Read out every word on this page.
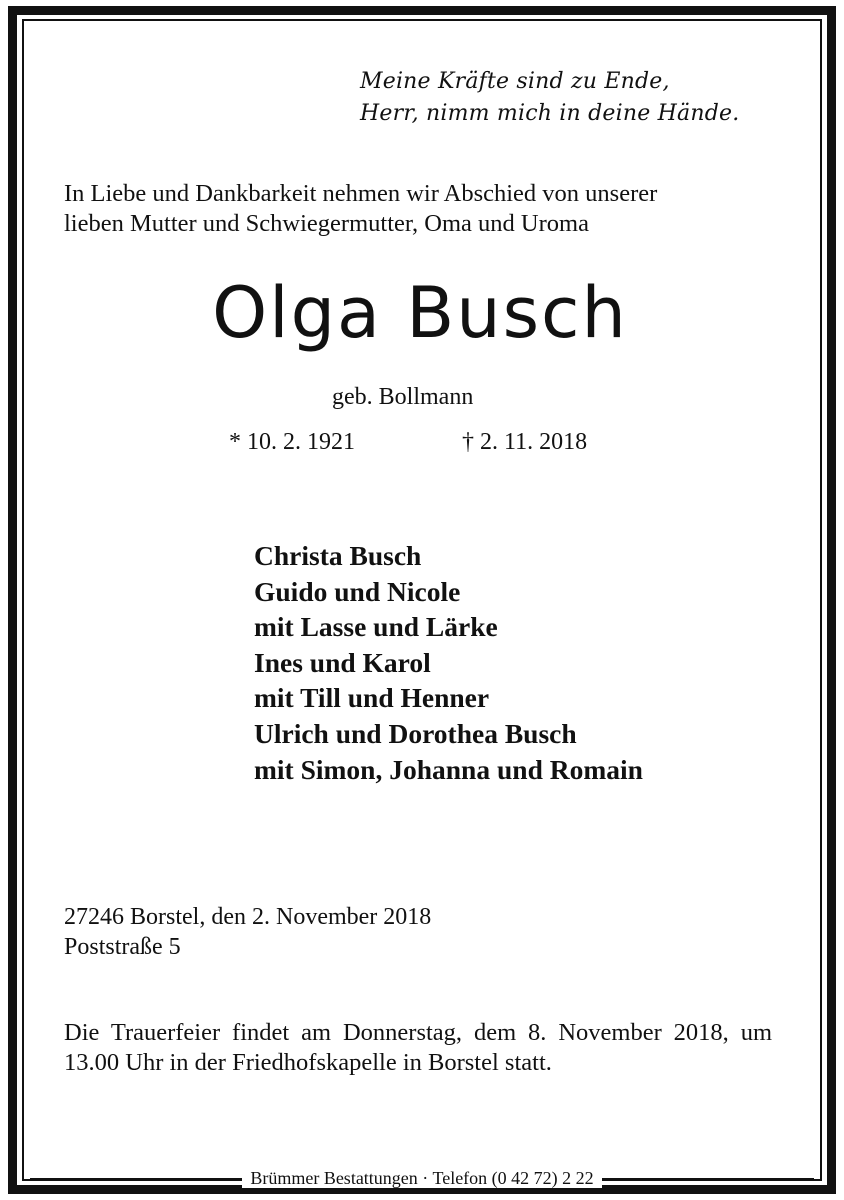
Meine Kräfte sind zu Ende,
Herr, nimm mich in deine Hände.
In Liebe und Dankbarkeit nehmen wir Abschied von unserer
lieben Mutter und Schwiegermutter, Oma und Uroma
Olga Busch
geb. Bollmann
* 10. 2. 1921	† 2. 11. 2018
Christa Busch
Guido und Nicole
mit Lasse und Lärke
Ines und Karol
mit Till und Henner
Ulrich und Dorothea Busch
mit Simon, Johanna und Romain
27246 Borstel, den 2. November 2018
Poststraße 5
Die Trauerfeier findet am Donnerstag, dem 8. November 2018, um 13.00 Uhr in der Friedhofskapelle in Borstel statt.
Brümmer Bestattungen · Telefon (0 42 72) 2 22
